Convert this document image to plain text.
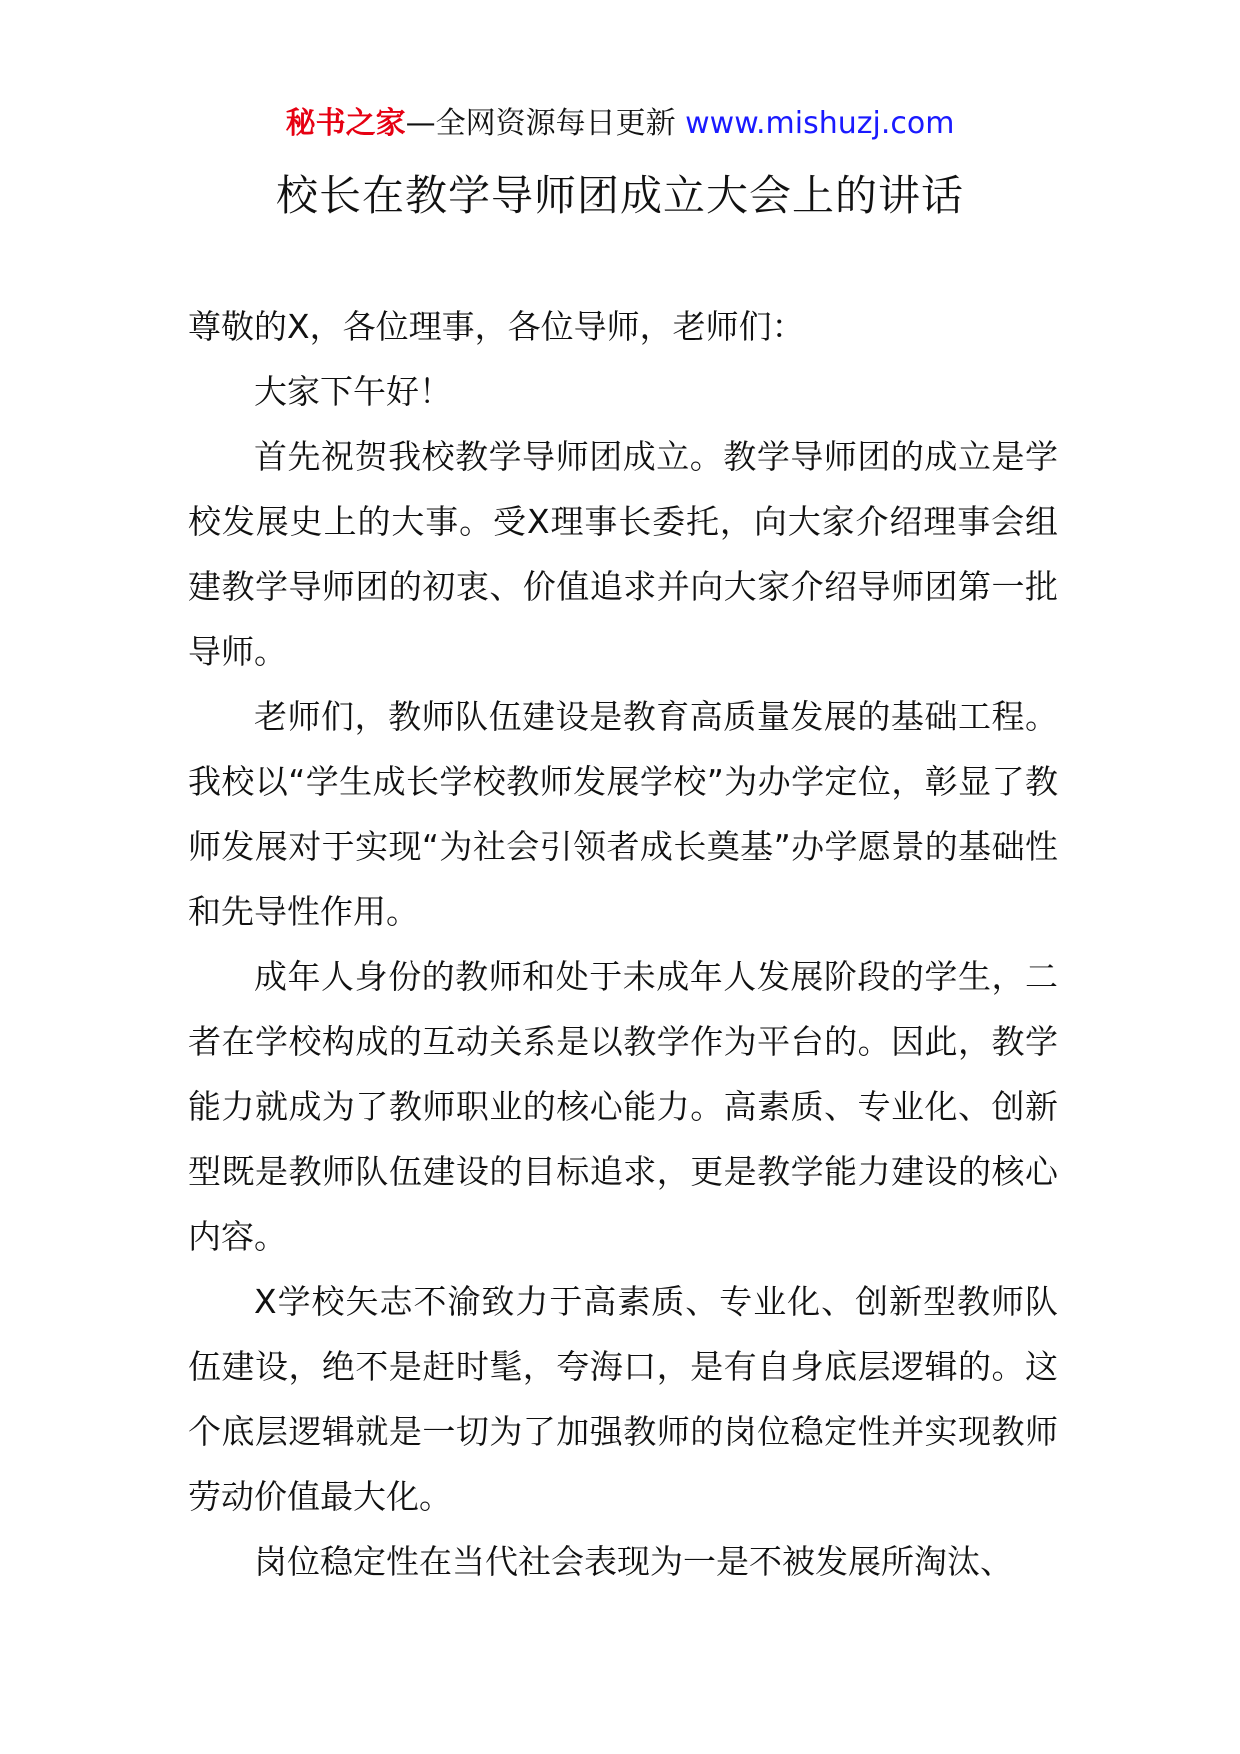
秘书之家—全网资源每日更新 www.mishuzj.com
校长在教学导师团成立大会上的讲话

尊敬的X，各位理事，各位导师，老师们：

大家下午好！

首先祝贺我校教学导师团成立。教学导师团的成立是学校发展史上的大事。受X理事长委托，向大家介绍理事会组建教学导师团的初衷、价值追求并向大家介绍导师团第一批导师。

老师们，教师队伍建设是教育高质量发展的基础工程。我校以“学生成长学校教师发展学校”为办学定位，彰显了教师发展对于实现“为社会引领者成长奠基”办学愿景的基础性和先导性作用。

成年人身份的教师和处于未成年人发展阶段的学生，二者在学校构成的互动关系是以教学作为平台的。因此，教学能力就成为了教师职业的核心能力。高素质、专业化、创新型既是教师队伍建设的目标追求，更是教学能力建设的核心内容。

X学校矢志不渝致力于高素质、专业化、创新型教师队伍建设，绝不是赶时髦，夸海口，是有自身底层逻辑的。这个底层逻辑就是一切为了加强教师的岗位稳定性并实现教师劳动价值最大化。

岗位稳定性在当代社会表现为一是不被发展所淘汰、
